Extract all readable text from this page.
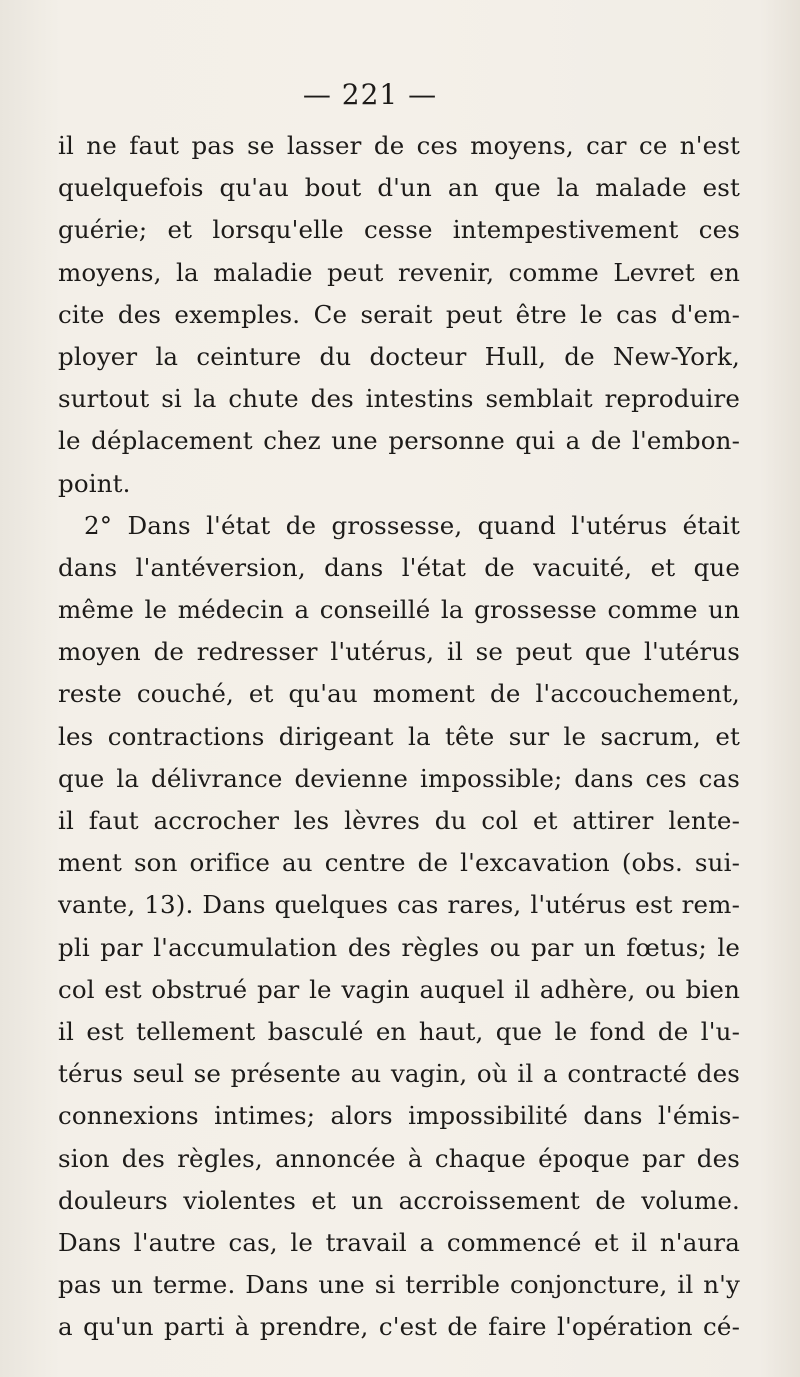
— 221 —
il ne faut pas se lasser de ces moyens, car ce n'est
quelquefois qu'au bout d'un an que la malade est
guérie; et lorsqu'elle cesse intempestivement ces
moyens, la maladie peut revenir, comme Levret en
cite des exemples. Ce serait peut être le cas d'em-
ployer la ceinture du docteur Hull, de New-York,
surtout si la chute des intestins semblait reproduire
le déplacement chez une personne qui a de l'embon-
point.
2° Dans l'état de grossesse, quand l'utérus était
dans l'antéversion, dans l'état de vacuité, et que
même le médecin a conseillé la grossesse comme un
moyen de redresser l'utérus, il se peut que l'utérus
reste couché, et qu'au moment de l'accouchement,
les contractions dirigeant la tête sur le sacrum, et
que la délivrance devienne impossible; dans ces cas
il faut accrocher les lèvres du col et attirer lente-
ment son orifice au centre de l'excavation (obs. sui-
vante, 13). Dans quelques cas rares, l'utérus est rem-
pli par l'accumulation des règles ou par un fœtus; le
col est obstrué par le vagin auquel il adhère, ou bien
il est tellement basculé en haut, que le fond de l'u-
térus seul se présente au vagin, où il a contracté des
connexions intimes; alors impossibilité dans l'émis-
sion des règles, annoncée à chaque époque par des
douleurs violentes et un accroissement de volume.
Dans l'autre cas, le travail a commencé et il n'aura
pas un terme. Dans une si terrible conjoncture, il n'y
a qu'un parti à prendre, c'est de faire l'opération cé-
